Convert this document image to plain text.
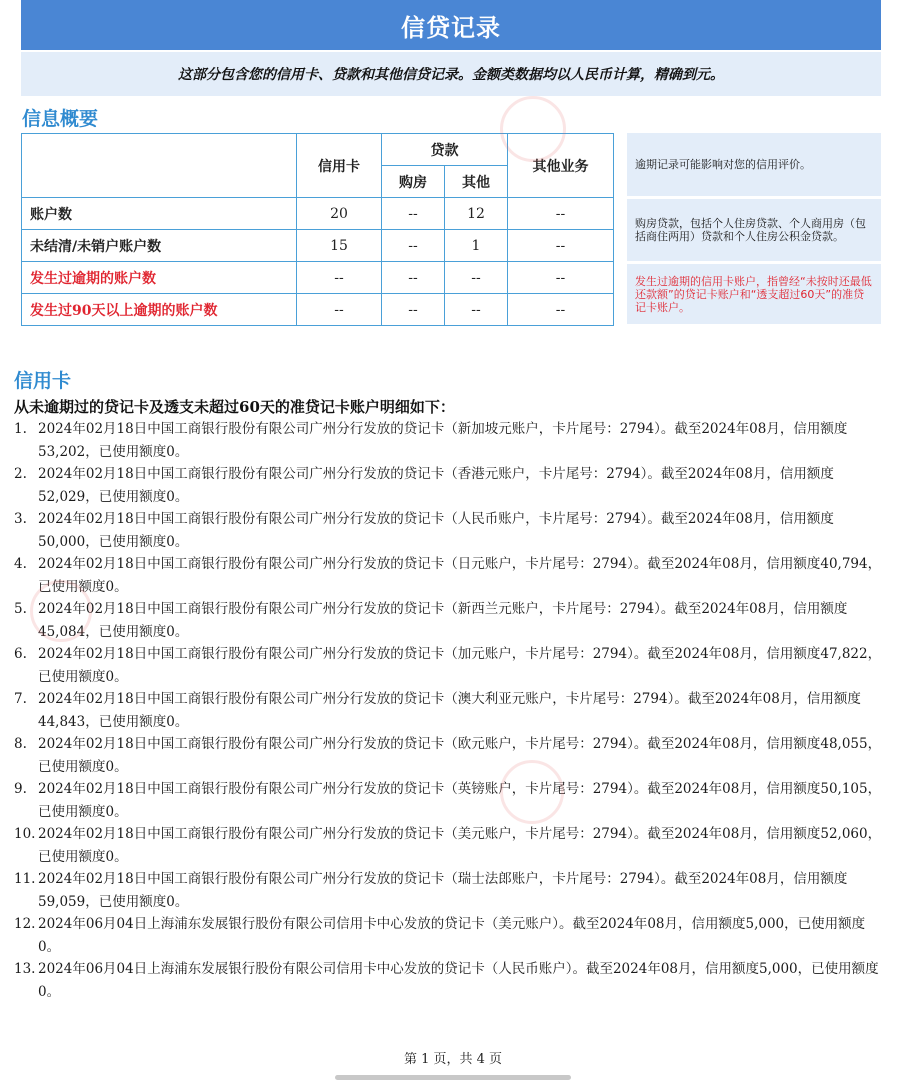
信贷记录
这部分包含您的信用卡、贷款和其他信贷记录。金额类数据均以人民币计算，精确到元。
信息概要
	信用卡	贷款		其他业务
		购房	其他	
账户数	20	--	12	--
未结清/未销户账户数	15	--	1	--
发生过逾期的账户数	--	--	--	--
发生过90天以上逾期的账户数	--	--	--	--
逾期记录可能影响对您的信用评价。
购房贷款，包括个人住房贷款、个人商用房（包括商住两用）贷款和个人住房公积金贷款。
发生过逾期的信用卡账户，指曾经“未按时还最低还款额”的贷记卡账户和“透支超过60天”的准贷记卡账户。
信用卡
从未逾期过的贷记卡及透支未超过60天的准贷记卡账户明细如下：
1. 2024年02月18日中国工商银行股份有限公司广州分行发放的贷记卡（新加坡元账户，卡片尾号：2794）。截至2024年08月，信用额度53,202，已使用额度0。
2. 2024年02月18日中国工商银行股份有限公司广州分行发放的贷记卡（香港元账户，卡片尾号：2794）。截至2024年08月，信用额度52,029，已使用额度0。
3. 2024年02月18日中国工商银行股份有限公司广州分行发放的贷记卡（人民币账户，卡片尾号：2794）。截至2024年08月，信用额度50,000，已使用额度0。
4. 2024年02月18日中国工商银行股份有限公司广州分行发放的贷记卡（日元账户，卡片尾号：2794）。截至2024年08月，信用额度40,794，已使用额度0。
5. 2024年02月18日中国工商银行股份有限公司广州分行发放的贷记卡（新西兰元账户，卡片尾号：2794）。截至2024年08月，信用额度45,084，已使用额度0。
6. 2024年02月18日中国工商银行股份有限公司广州分行发放的贷记卡（加元账户，卡片尾号：2794）。截至2024年08月，信用额度47,822，已使用额度0。
7. 2024年02月18日中国工商银行股份有限公司广州分行发放的贷记卡（澳大利亚元账户，卡片尾号：2794）。截至2024年08月，信用额度44,843，已使用额度0。
8. 2024年02月18日中国工商银行股份有限公司广州分行发放的贷记卡（欧元账户，卡片尾号：2794）。截至2024年08月，信用额度48,055，已使用额度0。
9. 2024年02月18日中国工商银行股份有限公司广州分行发放的贷记卡（英镑账户，卡片尾号：2794）。截至2024年08月，信用额度50,105，已使用额度0。
10. 2024年02月18日中国工商银行股份有限公司广州分行发放的贷记卡（美元账户，卡片尾号：2794）。截至2024年08月，信用额度52,060，已使用额度0。
11. 2024年02月18日中国工商银行股份有限公司广州分行发放的贷记卡（瑞士法郎账户，卡片尾号：2794）。截至2024年08月，信用额度59,059，已使用额度0。
12. 2024年06月04日上海浦东发展银行股份有限公司信用卡中心发放的贷记卡（美元账户）。截至2024年08月，信用额度5,000，已使用额度0。
13. 2024年06月04日上海浦东发展银行股份有限公司信用卡中心发放的贷记卡（人民币账户）。截至2024年08月，信用额度5,000，已使用额度0。
第 1 页，共 4 页
